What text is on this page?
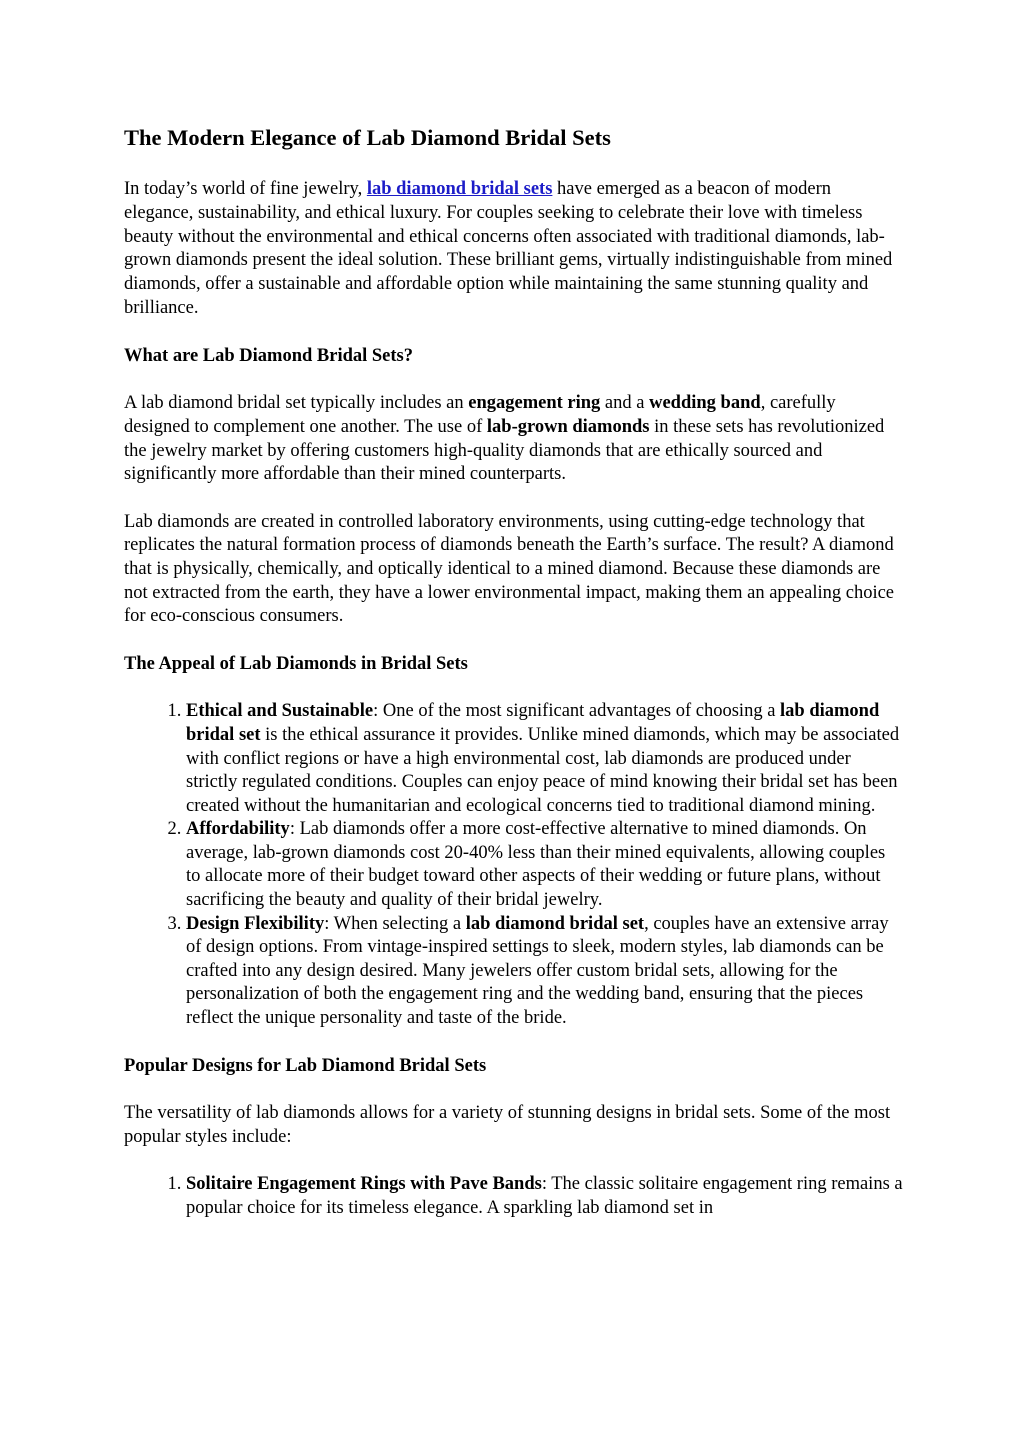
The Modern Elegance of Lab Diamond Bridal Sets

In today’s world of fine jewelry, lab diamond bridal sets have emerged as a beacon of modern elegance, sustainability, and ethical luxury. For couples seeking to celebrate their love with timeless beauty without the environmental and ethical concerns often associated with traditional diamonds, lab-grown diamonds present the ideal solution. These brilliant gems, virtually indistinguishable from mined diamonds, offer a sustainable and affordable option while maintaining the same stunning quality and brilliance.

What are Lab Diamond Bridal Sets?

A lab diamond bridal set typically includes an engagement ring and a wedding band, carefully designed to complement one another. The use of lab-grown diamonds in these sets has revolutionized the jewelry market by offering customers high-quality diamonds that are ethically sourced and significantly more affordable than their mined counterparts.

Lab diamonds are created in controlled laboratory environments, using cutting-edge technology that replicates the natural formation process of diamonds beneath the Earth’s surface. The result? A diamond that is physically, chemically, and optically identical to a mined diamond. Because these diamonds are not extracted from the earth, they have a lower environmental impact, making them an appealing choice for eco-conscious consumers.

The Appeal of Lab Diamonds in Bridal Sets
1. Ethical and Sustainable: One of the most significant advantages of choosing a lab diamond bridal set is the ethical assurance it provides. Unlike mined diamonds, which may be associated with conflict regions or have a high environmental cost, lab diamonds are produced under strictly regulated conditions. Couples can enjoy peace of mind knowing their bridal set has been created without the humanitarian and ecological concerns tied to traditional diamond mining.
2. Affordability: Lab diamonds offer a more cost-effective alternative to mined diamonds. On average, lab-grown diamonds cost 20-40% less than their mined equivalents, allowing couples to allocate more of their budget toward other aspects of their wedding or future plans, without sacrificing the beauty and quality of their bridal jewelry.
3. Design Flexibility: When selecting a lab diamond bridal set, couples have an extensive array of design options. From vintage-inspired settings to sleek, modern styles, lab diamonds can be crafted into any design desired. Many jewelers offer custom bridal sets, allowing for the personalization of both the engagement ring and the wedding band, ensuring that the pieces reflect the unique personality and taste of the bride.
Popular Designs for Lab Diamond Bridal Sets

The versatility of lab diamonds allows for a variety of stunning designs in bridal sets. Some of the most popular styles include:

1. Solitaire Engagement Rings with Pave Bands: The classic solitaire engagement ring remains a popular choice for its timeless elegance. A sparkling lab diamond set in
